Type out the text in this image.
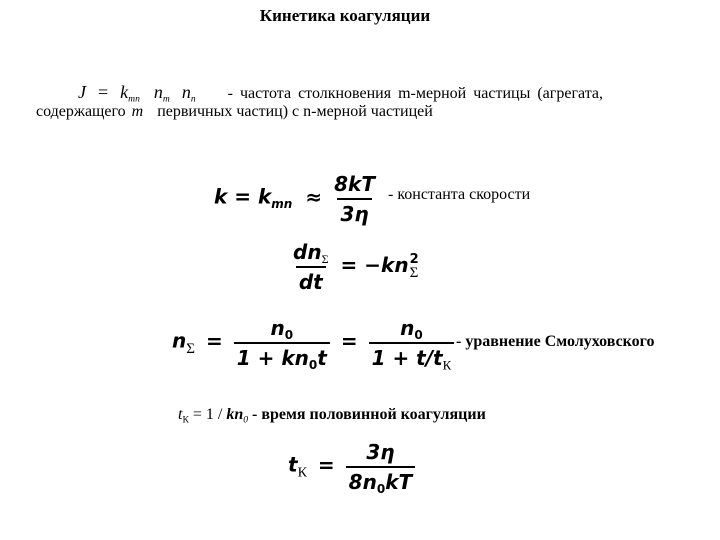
Кинетика коагуляции
$J = k_{mn}$ $n_m$ $n_n$ - частота столкновения m-мерной частицы (агрегата,
содержащего m первичных частиц) с n-мерной частицей
$k = k_{mn} \approx \frac{8kT}{3\eta}$ - константа скорости
$\frac{dn_\Sigma}{dt} = -kn$ 2
Σ
$n_\Sigma = \frac{n_0}{1 + kn_0t} = \frac{n_0}{1 + t/t_К}$ - уравнение Смолуховского
$t_К = 1 / kn_0$ - время половинной коагуляции
$t_К = \frac{3\eta}{8n_0kT}$
